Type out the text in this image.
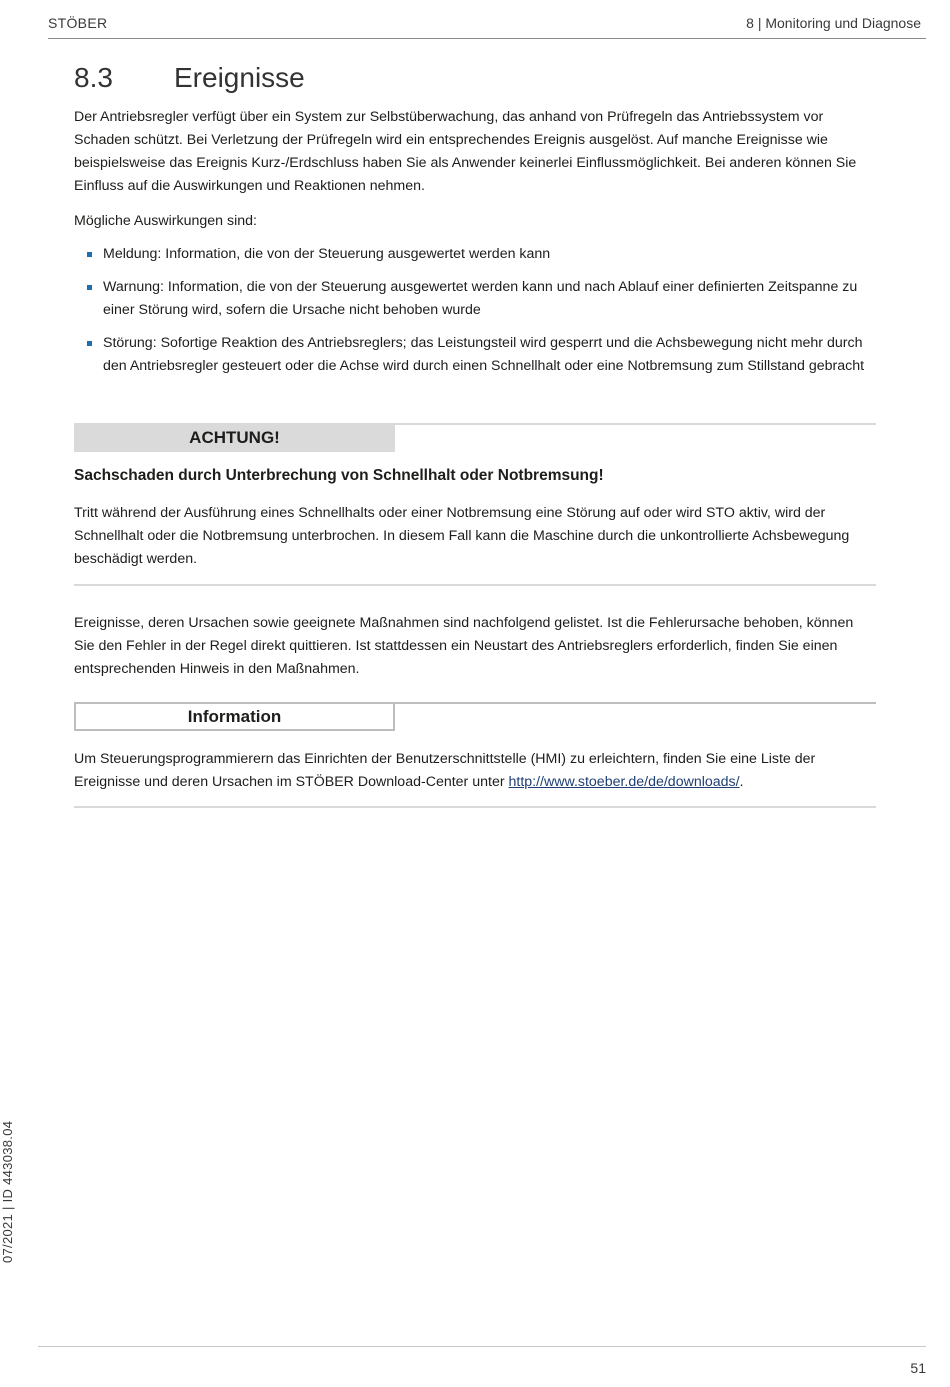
STÖBER	8 | Monitoring und Diagnose
8.3 Ereignisse

Der Antriebsregler verfügt über ein System zur Selbstüberwachung, das anhand von Prüfregeln das Antriebssystem vor Schaden schützt. Bei Verletzung der Prüfregeln wird ein entsprechendes Ereignis ausgelöst. Auf manche Ereignisse wie beispielsweise das Ereignis Kurz-/Erdschluss haben Sie als Anwender keinerlei Einflussmöglichkeit. Bei anderen können Sie Einfluss auf die Auswirkungen und Reaktionen nehmen.

Mögliche Auswirkungen sind:

Meldung: Information, die von der Steuerung ausgewertet werden kann
Warnung: Information, die von der Steuerung ausgewertet werden kann und nach Ablauf einer definierten Zeitspanne zu einer Störung wird, sofern die Ursache nicht behoben wurde
Störung: Sofortige Reaktion des Antriebsreglers; das Leistungsteil wird gesperrt und die Achsbewegung nicht mehr durch den Antriebsregler gesteuert oder die Achse wird durch einen Schnellhalt oder eine Notbremsung zum Stillstand gebracht
ACHTUNG!

Sachschaden durch Unterbrechung von Schnellhalt oder Notbremsung!

Tritt während der Ausführung eines Schnellhalts oder einer Notbremsung eine Störung auf oder wird STO aktiv, wird der Schnellhalt oder die Notbremsung unterbrochen. In diesem Fall kann die Maschine durch die unkontrollierte Achsbewegung beschädigt werden.

Ereignisse, deren Ursachen sowie geeignete Maßnahmen sind nachfolgend gelistet. Ist die Fehlerursache behoben, können Sie den Fehler in der Regel direkt quittieren. Ist stattdessen ein Neustart des Antriebsreglers erforderlich, finden Sie einen entsprechenden Hinweis in den Maßnahmen.

Information

Um Steuerungsprogrammierern das Einrichten der Benutzerschnittstelle (HMI) zu erleichtern, finden Sie eine Liste der Ereignisse und deren Ursachen im STÖBER Download-Center unter http://www.stoeber.de/de/downloads/.

07/2021 | ID 443038.04
51
